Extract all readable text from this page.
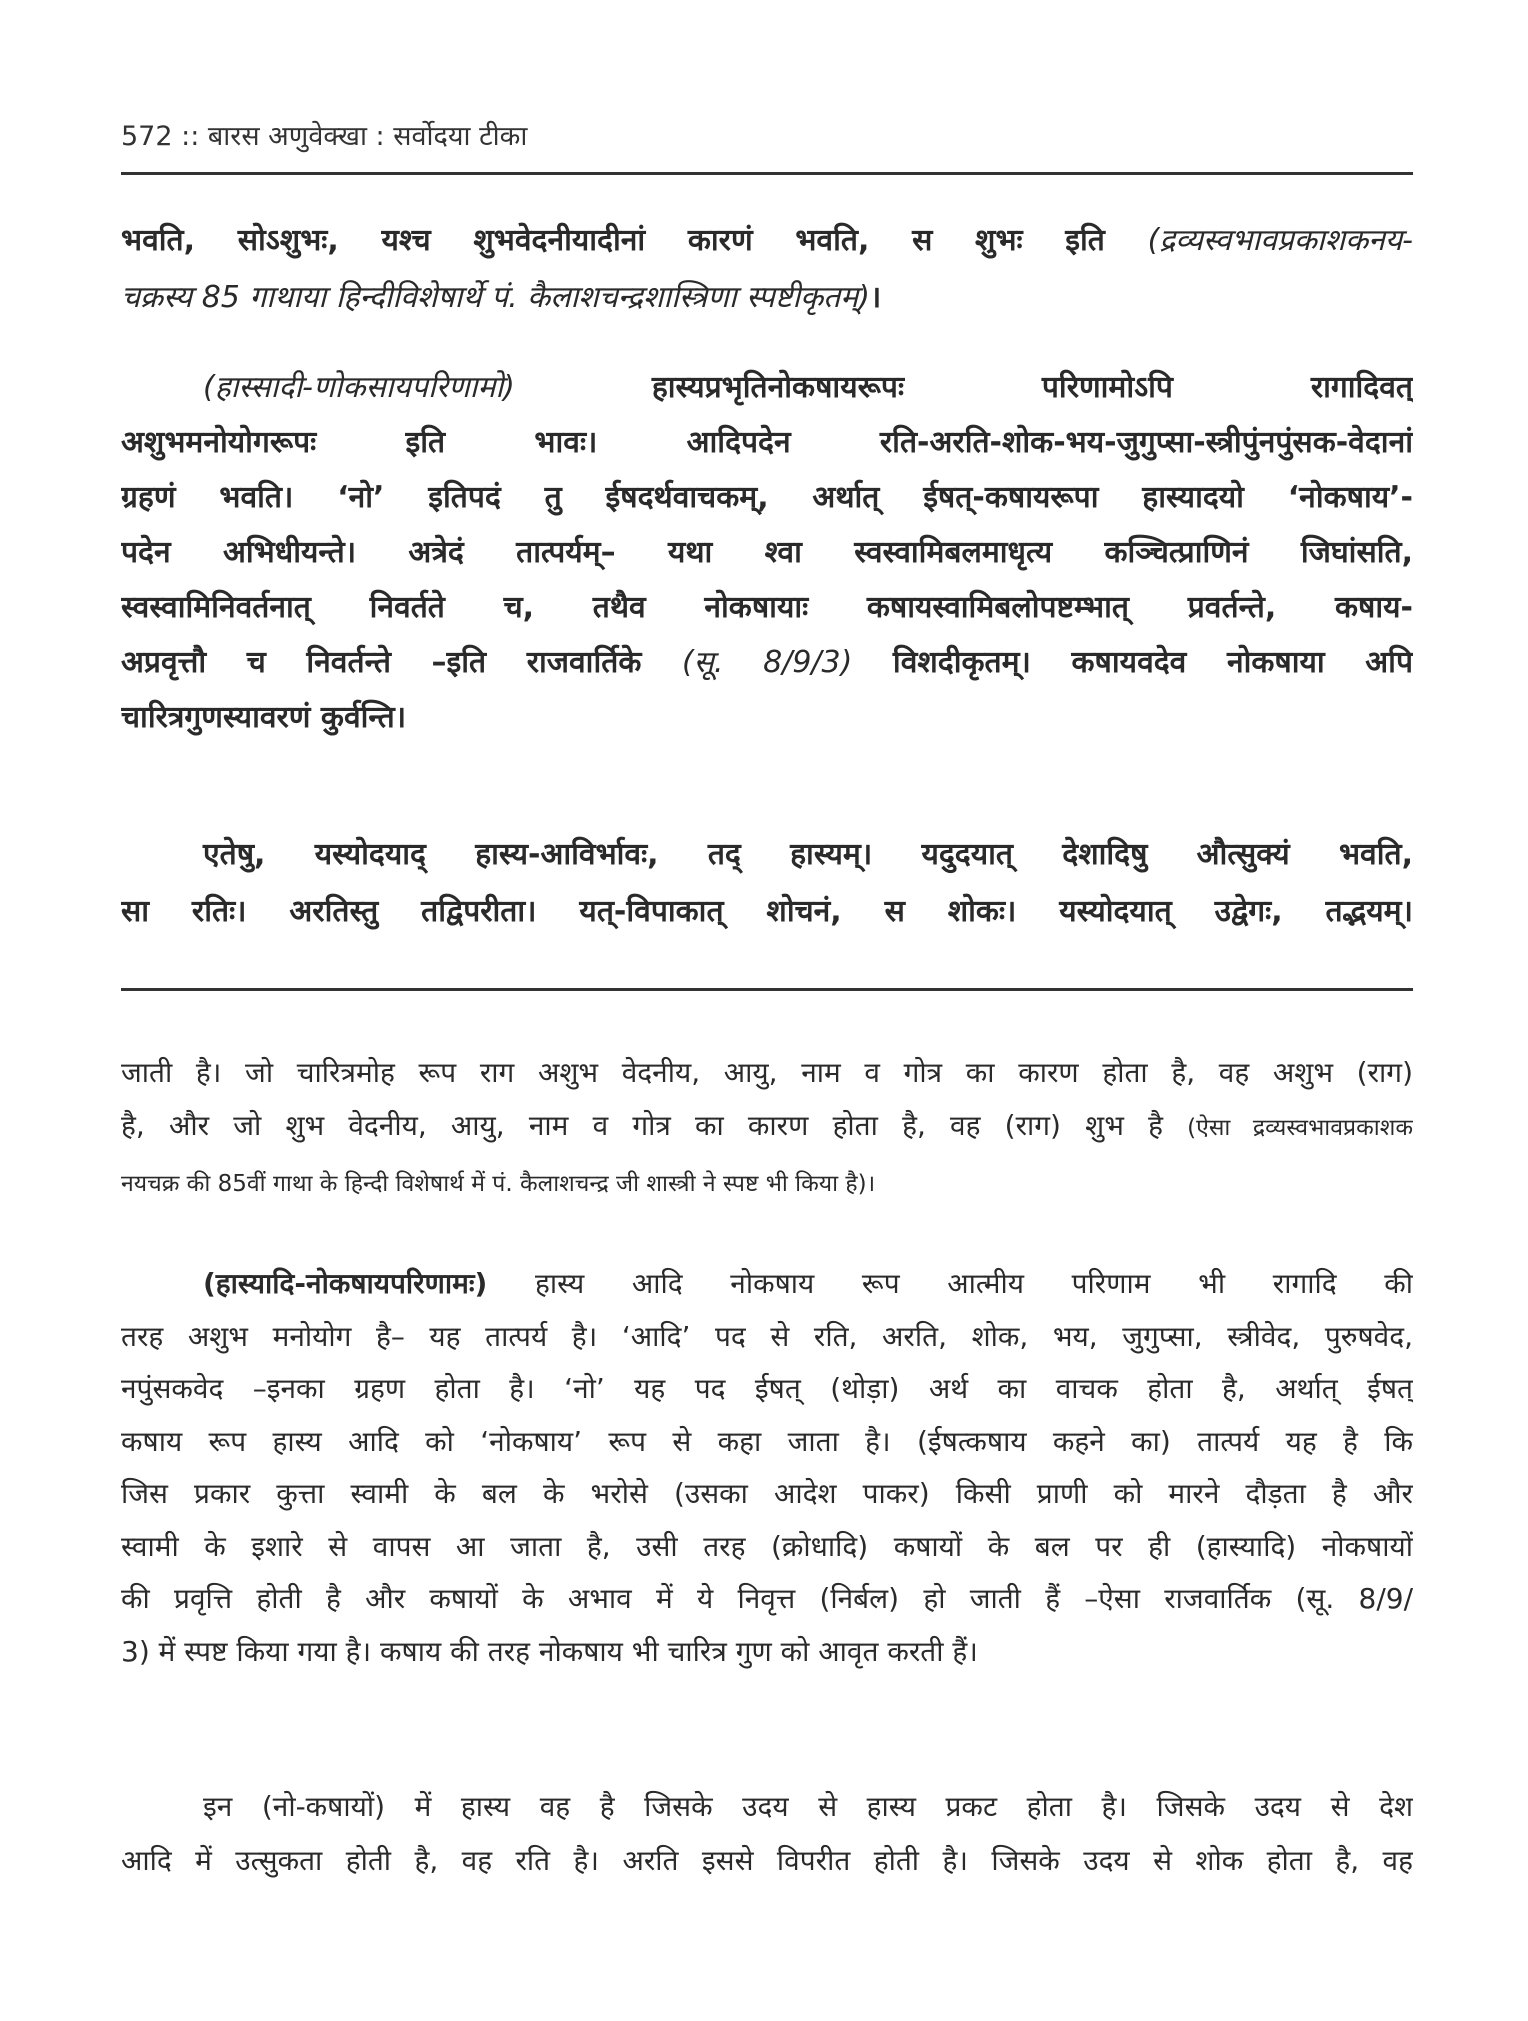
572 :: बारस अणुवेक्खा : सर्वोदया टीका
भवति, सोऽशुभः, यश्च शुभवेदनीयादीनां कारणं भवति, स शुभः इति (द्रव्यस्वभावप्रकाशकनय-
चक्रस्य 85 गाथाया हिन्दीविशेषार्थे पं. कैलाशचन्द्रशास्त्रिणा स्पष्टीकृतम्)।
(हास्सादी-णोकसायपरिणामो) हास्यप्रभृतिनोकषायरूपः परिणामोऽपि रागादिवत्
अशुभमनोयोगरूपः इति भावः। आदिपदेन रति-अरति-शोक-भय-जुगुप्सा-स्त्रीपुंनपुंसक-वेदानां
ग्रहणं भवति। ‘नो’ इतिपदं तु ईषदर्थवाचकम्, अर्थात् ईषत्-कषायरूपा हास्यादयो ‘नोकषाय’-
पदेन अभिधीयन्ते। अत्रेदं तात्पर्यम्– यथा श्वा स्वस्वामिबलमाधृत्य कञ्चित्प्राणिनं जिघांसति,
स्वस्वामिनिवर्तनात् निवर्तते च, तथैव नोकषायाः कषायस्वामिबलोपष्टम्भात् प्रवर्तन्ते, कषाय-
अप्रवृत्तौ च निवर्तन्ते –इति राजवार्तिके (सू. 8/9/3) विशदीकृतम्। कषायवदेव नोकषाया अपि
चारित्रगुणस्यावरणं कुर्वन्ति।
एतेषु, यस्योदयाद् हास्य-आविर्भावः, तद् हास्यम्। यदुदयात् देशादिषु औत्सुक्यं भवति,
सा रतिः। अरतिस्तु तद्विपरीता। यत्-विपाकात् शोचनं, स शोकः। यस्योदयात् उद्वेगः, तद्भयम्।
जाती है। जो चारित्रमोह रूप राग अशुभ वेदनीय, आयु, नाम व गोत्र का कारण होता है, वह अशुभ (राग)
है, और जो शुभ वेदनीय, आयु, नाम व गोत्र का कारण होता है, वह (राग) शुभ है (ऐसा द्रव्यस्वभावप्रकाशक
नयचक्र की 85वीं गाथा के हिन्दी विशेषार्थ में पं. कैलाशचन्द्र जी शास्त्री ने स्पष्ट भी किया है)।
(हास्यादि-नोकषायपरिणामः) हास्य आदि नोकषाय रूप आत्मीय परिणाम भी रागादि की
तरह अशुभ मनोयोग है– यह तात्पर्य है। ‘आदि’ पद से रति, अरति, शोक, भय, जुगुप्सा, स्त्रीवेद, पुरुषवेद,
नपुंसकवेद –इनका ग्रहण होता है। ‘नो’ यह पद ईषत् (थोड़ा) अर्थ का वाचक होता है, अर्थात् ईषत्
कषाय रूप हास्य आदि को ‘नोकषाय’ रूप से कहा जाता है। (ईषत्कषाय कहने का) तात्पर्य यह है कि
जिस प्रकार कुत्ता स्वामी के बल के भरोसे (उसका आदेश पाकर) किसी प्राणी को मारने दौड़ता है और
स्वामी के इशारे से वापस आ जाता है, उसी तरह (क्रोधादि) कषायों के बल पर ही (हास्यादि) नोकषायों
की प्रवृत्ति होती है और कषायों के अभाव में ये निवृत्त (निर्बल) हो जाती हैं –ऐसा राजवार्तिक (सू. 8/9/
3) में स्पष्ट किया गया है। कषाय की तरह नोकषाय भी चारित्र गुण को आवृत करती हैं।
इन (नो-कषायों) में हास्य वह है जिसके उदय से हास्य प्रकट होता है। जिसके उदय से देश
आदि में उत्सुकता होती है, वह रति है। अरति इससे विपरीत होती है। जिसके उदय से शोक होता है, वह
